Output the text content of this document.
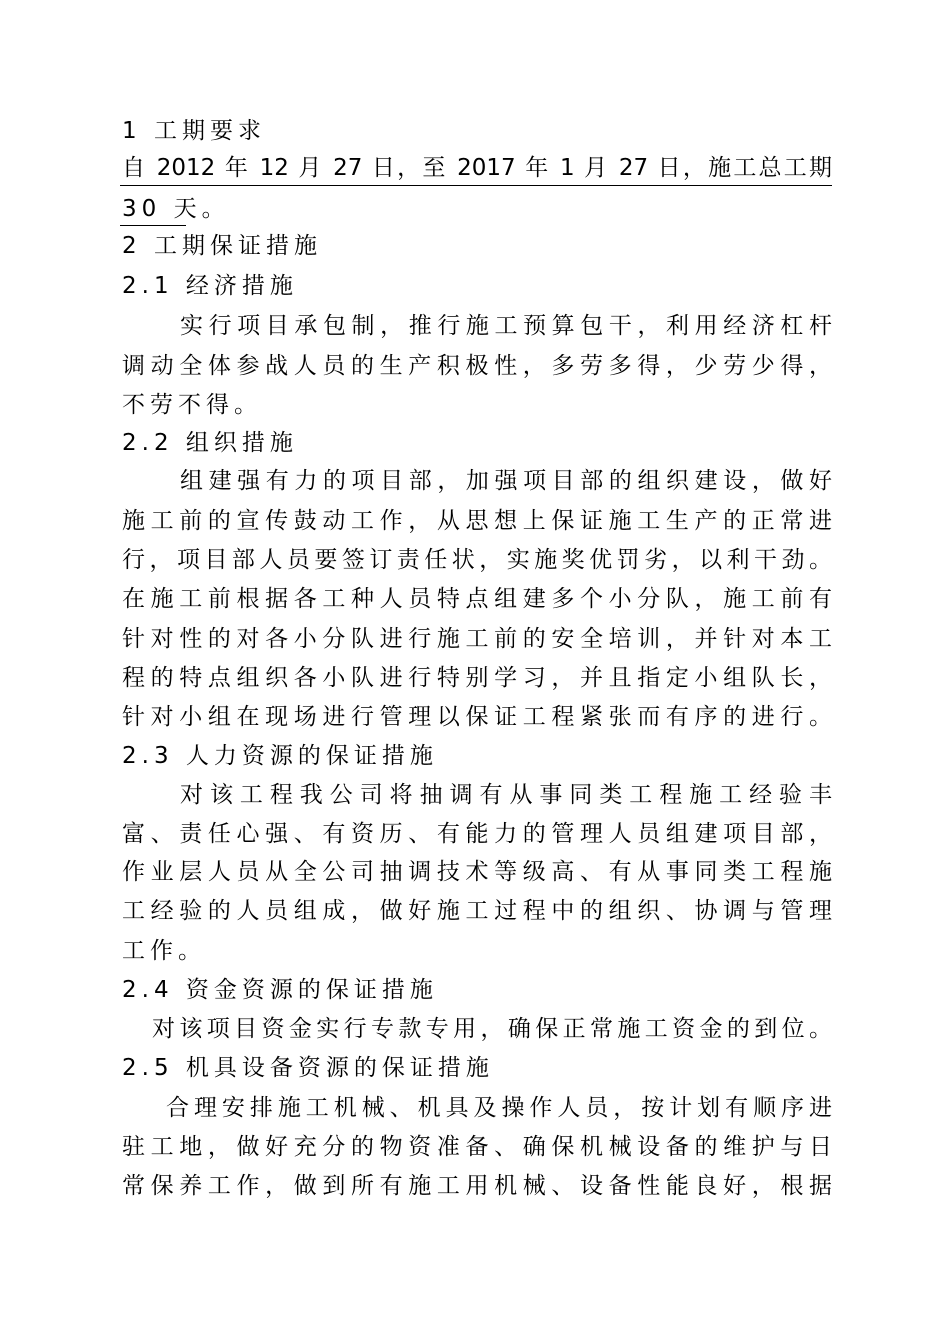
1 工期要求
自 2012 年 12 月 27 日，至 2017 年 1 月 27 日，施工总工期
30 天。
2 工期保证措施
2.1 经济措施
实行项目承包制，推行施工预算包干，利用经济杠杆
调动全体参战人员的生产积极性，多劳多得，少劳少得，
不劳不得。
2.2 组织措施
组建强有力的项目部，加强项目部的组织建设，做好
施工前的宣传鼓动工作，从思想上保证施工生产的正常进
行，项目部人员要签订责任状，实施奖优罚劣，以利干劲。
在施工前根据各工种人员特点组建多个小分队，施工前有
针对性的对各小分队进行施工前的安全培训，并针对本工
程的特点组织各小队进行特别学习，并且指定小组队长，
针对小组在现场进行管理以保证工程紧张而有序的进行。
2.3 人力资源的保证措施
对该工程我公司将抽调有从事同类工程施工经验丰
富、责任心强、有资历、有能力的管理人员组建项目部，
作业层人员从全公司抽调技术等级高、有从事同类工程施
工经验的人员组成，做好施工过程中的组织、协调与管理
工作。
2.4 资金资源的保证措施
对该项目资金实行专款专用，确保正常施工资金的到位。
2.5 机具设备资源的保证措施
合理安排施工机械、机具及操作人员，按计划有顺序进
驻工地，做好充分的物资准备、确保机械设备的维护与日
常保养工作，做到所有施工用机械、设备性能良好，根据
